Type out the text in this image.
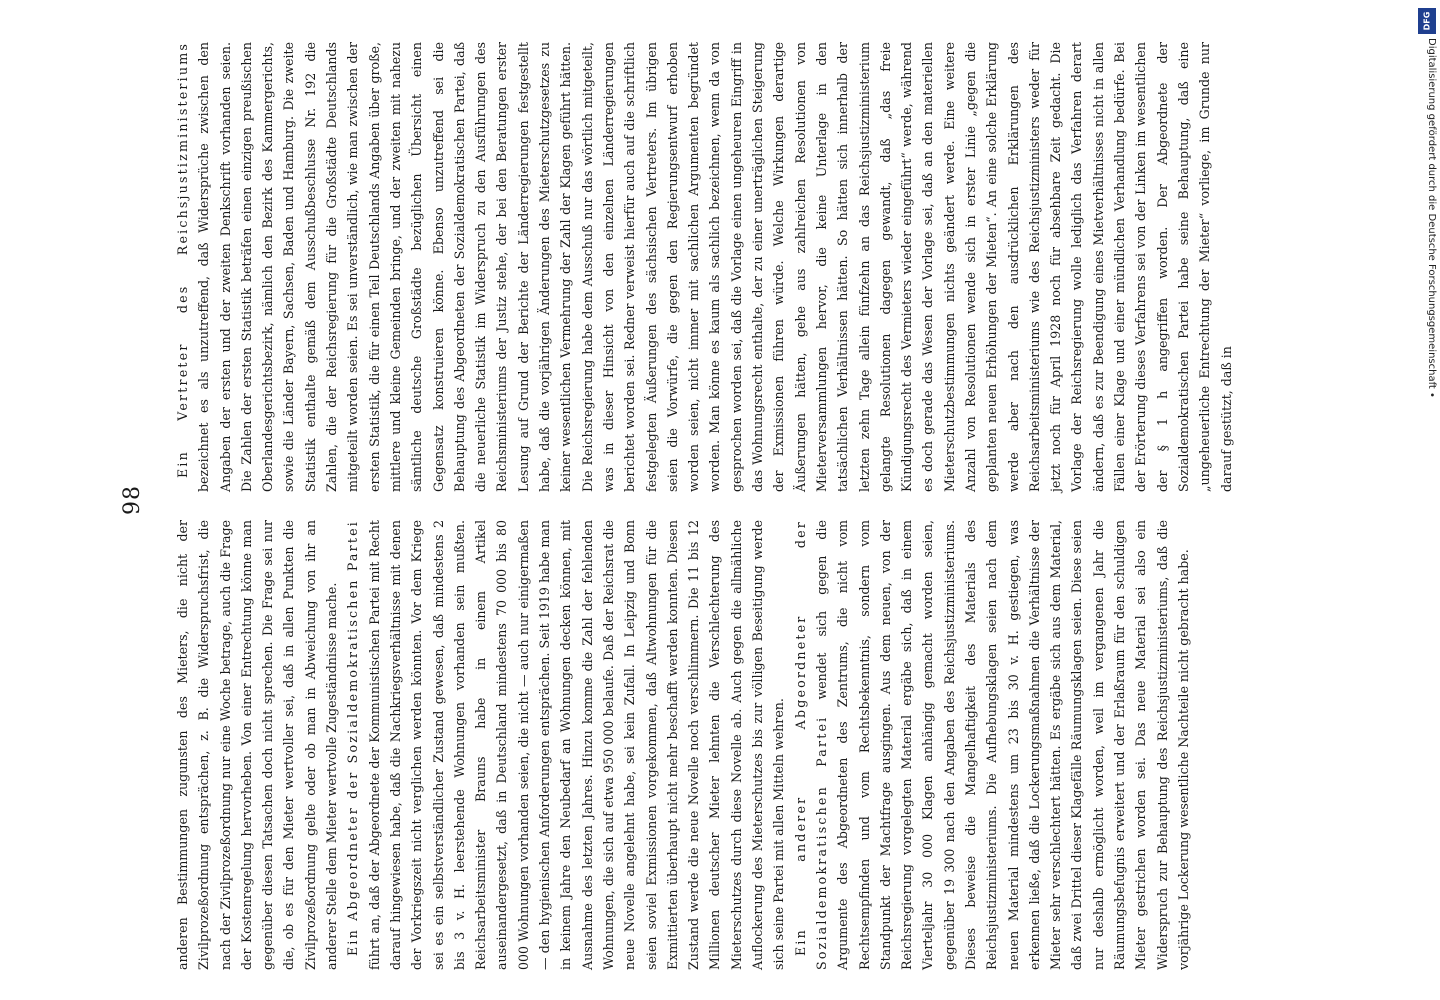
98

anderen Bestimmungen zugunsten des Mieters, die nicht der Zivilprozeßordnung entsprächen, z. B. die Widerspruchsfrist, die nach der Zivilprozeßordnung nur eine Woche betrage, auch die Frage der Kostenregelung hervorheben. Von einer Entrechtung könne man gegenüber diesen Tatsachen doch nicht sprechen. Die Frage sei nur die, ob es für den Mieter wertvoller sei, daß in allen Punkten die Zivilprozeßordnung gelte oder ob man in Abweichung von ihr an anderer Stelle dem Mieter wertvolle Zugeständnisse mache. Ein Abgeordneter der Sozialdemokratischen Partei führt an, daß der Abgeordnete der Kommunistischen Partei mit Recht darauf hingewiesen habe, daß die Nachkriegsverhältnisse mit denen der Vorkriegszeit nicht verglichen werden könnten. Vor dem Kriege sei es ein selbstverständlicher Zustand gewesen, daß mindestens 2 bis 3 v. H. leerstehende Wohnungen vorhanden sein mußten. Reichsarbeitsminister Brauns habe in einem Artikel auseinandergesetzt, daß in Deutschland mindestens 70 000 bis 80 000 Wohnungen vorhanden seien, die nicht — auch nur einigermaßen — den hygienischen Anforderungen entsprächen. Seit 1919 habe man in keinem Jahre den Neubedarf an Wohnungen decken können, mit Ausnahme des letzten Jahres. Hinzu komme die Zahl der fehlenden Wohnungen, die sich auf etwa 950 000 belaufe. Daß der Reichsrat die neue Novelle angelehnt habe, sei kein Zufall. In Leipzig und Bonn seien soviel Exmissionen vorgekommen, daß Altwohnungen für die Exmittierten überhaupt nicht mehr beschafft werden konnten. Diesen Zustand werde die neue Novelle noch verschlimmern. Die 11 bis 12 Millionen deutscher Mieter lehnten die Verschlechterung des Mieterschutzes durch diese Novelle ab. Auch gegen die allmähliche Auflockerung des Mieterschutzes bis zur völligen Beseitigung werde sich seine Partei mit allen Mitteln wehren. Ein anderer Abgeordneter der Sozialdemokratischen Partei wendet sich gegen die Argumente des Abgeordneten des Zentrums, die nicht vom Rechtsempfinden und vom Rechtsbekenntnis, sondern vom Standpunkt der Machtfrage ausgingen. Aus dem neuen, von der Reichsregierung vorgelegten Material ergäbe sich, daß in einem Vierteljahr 30 000 Klagen anhängig gemacht worden seien, gegenüber 19 300 nach den Angaben des Reichsjustizministeriums. Dieses beweise die Mangelhaftigkeit des Materials des Reichsjustizministeriums. Die Aufhebungsklagen seien nach dem neuen Material mindestens um 23 bis 30 v. H. gestiegen, was erkennen ließe, daß die Lockerungsmaßnahmen die Verhältnisse der Mieter sehr verschlechtert hätten. Es ergäbe sich aus dem Material, daß zwei Drittel dieser Klagefälle Räumungsklagen seien. Diese seien nur deshalb ermöglicht worden, weil im vergangenen Jahr die Räumungsbefugnis erweitert und der Erlaßraum für den schuldigen Mieter gestrichen worden sei. Das neue Material sei also ein Widerspruch zur Behauptung des Reichsjustizministeriums, daß die vorjährige Lockerung wesentliche Nachteile nicht gebracht habe.

Ein Vertreter des Reichsjustizministeriums bezeichnet es als unzutreffend, daß Widersprüche zwischen den Angaben der ersten und der zweiten Denkschrift vorhanden seien. Die Zahlen der ersten Statistik beträfen einen einzigen preußischen Oberlandesgerichtsbezirk, nämlich den Bezirk des Kammergerichts, sowie die Länder Bayern, Sachsen, Baden und Hamburg. Die zweite Statistik enthalte gemäß dem Ausschußbeschlusse Nr. 192 die Zahlen, die der Reichsregierung für die Großstädte Deutschlands mitgeteilt worden seien. Es sei unverständlich, wie man zwischen der ersten Statistik, die für einen Teil Deutschlands Angaben über große, mittlere und kleine Gemeinden bringe, und der zweiten mit nahezu sämtliche deutsche Großstädte bezüglichen Übersicht einen Gegensatz konstruieren könne. Ebenso unzutreffend sei die Behauptung des Abgeordneten der Sozialdemokratischen Partei, daß die neuerliche Statistik im Widerspruch zu den Ausführungen des Reichsministeriums der Justiz stehe, der bei den Beratungen erster Lesung auf Grund der Berichte der Länderregierungen festgestellt habe, daß die vorjährigen Änderungen des Mieterschutzgesetzes zu keiner wesentlichen Vermehrung der Zahl der Klagen geführt hätten. Die Reichsregierung habe dem Ausschuß nur das wörtlich mitgeteilt, was in dieser Hinsicht von den einzelnen Länderregierungen berichtet worden sei. Redner verweist hierfür auch auf die schriftlich festgelegten Äußerungen des sächsischen Vertreters. Im übrigen seien die Vorwürfe, die gegen den Regierungsentwurf erhoben worden seien, nicht immer mit sachlichen Argumenten begründet worden. Man könne es kaum als sachlich bezeichnen, wenn da von gesprochen worden sei, daß die Vorlage einen ungeheuren Eingriff in das Wohnungsrecht enthalte, der zu einer unerträglichen Steigerung der Exmissionen führen würde. Welche Wirkungen derartige Äußerungen hätten, gehe aus zahlreichen Resolutionen von Mieterversammlungen hervor, die keine Unterlage in den tatsächlichen Verhältnissen hätten. So hätten sich innerhalb der letzten zehn Tage allein fünfzehn an das Reichsjustizministerium gelangte Resolutionen dagegen gewandt, daß „das freie Kündigungsrecht des Vermieters wieder eingeführt“ werde, während es doch gerade das Wesen der Vorlage sei, daß an den materiellen Mieterschutzbestimmungen nichts geändert werde. Eine weitere Anzahl von Resolutionen wende sich in erster Linie „gegen die geplanten neuen Erhöhungen der Mieten“. An eine solche Erklärung werde aber nach den ausdrücklichen Erklärungen des Reichsarbeitsministeriums wie des Reichsjustizministers weder für jetzt noch für April 1928 noch für absehbare Zeit gedacht. Die Vorlage der Reichsregierung wolle lediglich das Verfahren derart ändern, daß es zur Beendigung eines Mietverhältnisses nicht in allen Fällen einer Klage und einer mündlichen Verhandlung bedürfe. Bei der Erörterung dieses Verfahrens sei von der Linken im wesentlichen der § 1 h angegriffen worden. Der Abgeordnete der Sozialdemokratischen Partei habe seine Behauptung, daß eine „ungeheuerliche Entrechtung der Mieter“ vorliege, im Grunde nur darauf gestützt, daß in

DFG
Digitalisierung gefördert durch die Deutsche Forschungsgemeinschaft •
